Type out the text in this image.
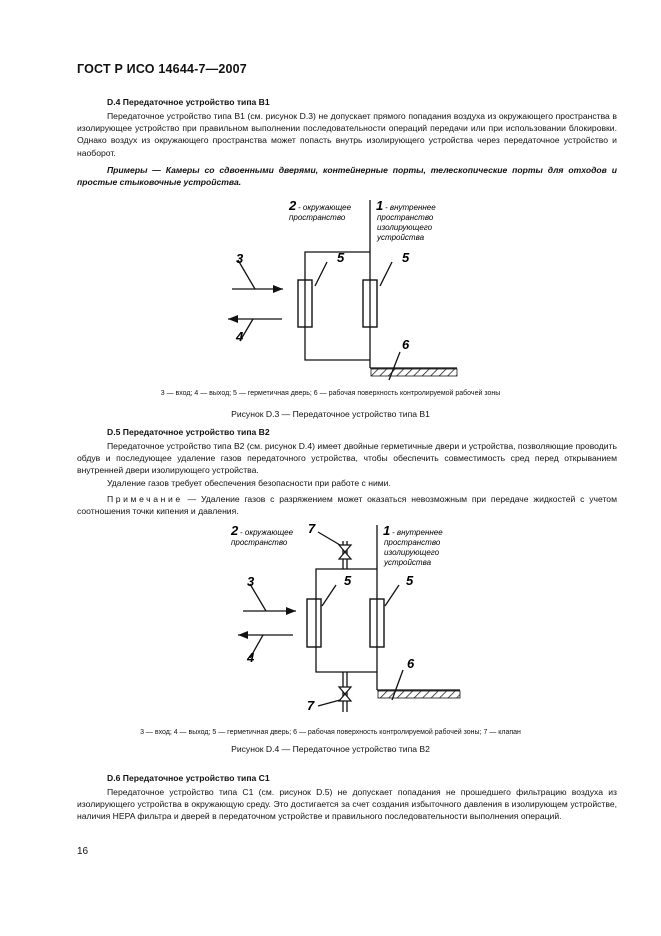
ГОСТ Р ИСО 14644-7—2007
D.4 Передаточное устройство типа B1

Передаточное устройство типа B1 (см. рисунок D.3) не допускает прямого попадания воздуха из окружающего пространства в изолирующее устройство при правильном выполнении последовательности операций передачи или при использовании блокировки. Однако воздух из окружающего пространства может попасть внутрь изолирующего устройства через передаточное устройство и наоборот.

Примеры — Камеры со сдвоенными дверями, контейнерные порты, телескопические порты для отходов и простые стыковочные устройства.

2 - окружающее
пространство
1 - внутреннее
пространство
изолирующего
устройства
3
4
5	5
6
3 — вход; 4 — выход; 5 — герметичная дверь; 6 — рабочая поверхность контролируемой рабочей зоны
Рисунок D.3 — Передаточное устройство типа B1
D.5 Передаточное устройство типа B2

Передаточное устройство типа B2 (см. рисунок D.4) имеет двойные герметичные двери и устройства, позволяющие проводить обдув и последующее удаление газов передаточного устройства, чтобы обеспечить совместимость сред перед открыванием внутренней двери изолирующего устройства.

Удаление газов требует обеспечения безопасности при работе с ними.

Примечание — Удаление газов с разряжением может оказаться невозможным при передаче жидкостей с учетом соотношения точки кипения и давления.

2 - окружающее
пространство
7
7
1 - внутреннее
пространство
изолирующего
устройства
3
4
5	5
6
3 — вход; 4 — выход; 5 — герметичная дверь; 6 — рабочая поверхность контролируемой рабочей зоны; 7 — клапан
Рисунок D.4 — Передаточное устройство типа B2
D.6 Передаточное устройство типа C1

Передаточное устройство типа C1 (см. рисунок D.5) не допускает попадания не прошедшего фильтрацию воздуха из изолирующего устройства в окружающую среду. Это достигается за счет создания избыточного давления в изолирующем устройстве, наличия HEPA фильтра и дверей в передаточном устройстве и правильного последовательности выполнения операций.

16
